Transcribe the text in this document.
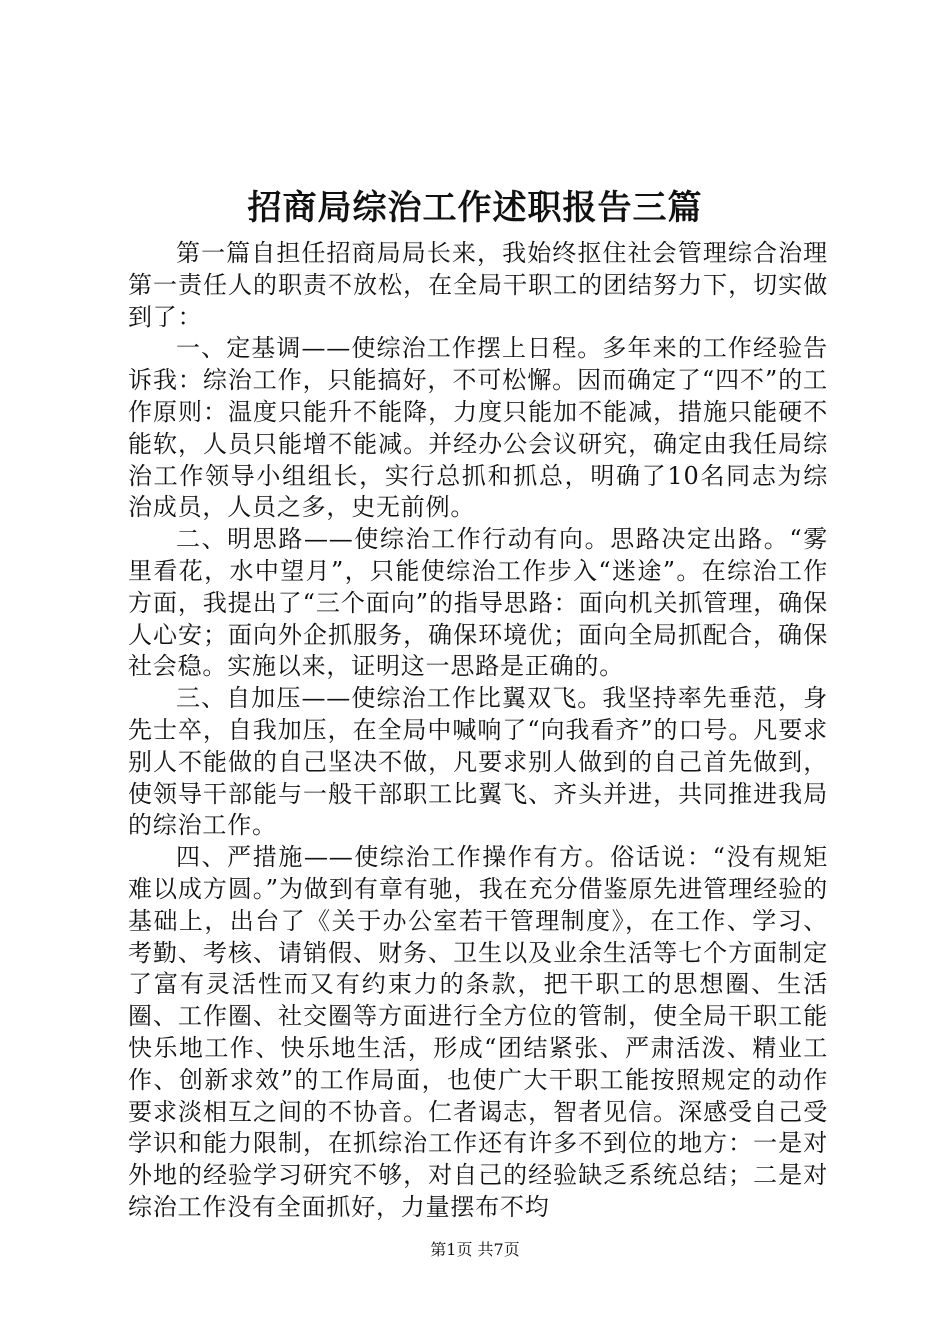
招商局综治工作述职报告三篇

第一篇自担任招商局局长来，我始终抠住社会管理综合治理第一责任人的职责不放松，在全局干职工的团结努力下，切实做到了：

一、定基调——使综治工作摆上日程。多年来的工作经验告诉我：综治工作，只能搞好，不可松懈。因而确定了“四不”的工作原则：温度只能升不能降，力度只能加不能减，措施只能硬不能软，人员只能增不能减。并经办公会议研究，确定由我任局综治工作领导小组组长，实行总抓和抓总，明确了10名同志为综治成员，人员之多，史无前例。

二、明思路——使综治工作行动有向。思路决定出路。“雾里看花，水中望月”，只能使综治工作步入“迷途”。在综治工作方面，我提出了“三个面向”的指导思路：面向机关抓管理，确保人心安；面向外企抓服务，确保环境优；面向全局抓配合，确保社会稳。实施以来，证明这一思路是正确的。

三、自加压——使综治工作比翼双飞。我坚持率先垂范，身先士卒，自我加压，在全局中喊响了“向我看齐”的口号。凡要求别人不能做的自己坚决不做，凡要求别人做到的自己首先做到，使领导干部能与一般干部职工比翼飞、齐头并进，共同推进我局的综治工作。

四、严措施——使综治工作操作有方。俗话说：“没有规矩难以成方圆。”为做到有章有驰，我在充分借鉴原先进管理经验的基础上，出台了《关于办公室若干管理制度》，在工作、学习、考勤、考核、请销假、财务、卫生以及业余生活等七个方面制定了富有灵活性而又有约束力的条款，把干职工的思想圈、生活圈、工作圈、社交圈等方面进行全方位的管制，使全局干职工能快乐地工作、快乐地生活，形成“团结紧张、严肃活泼、精业工作、创新求效”的工作局面，也使广大干职工能按照规定的动作要求淡相互之间的不协音。仁者谒志，智者见信。深感受自己受学识和能力限制，在抓综治工作还有许多不到位的地方：一是对外地的经验学习研究不够，对自己的经验缺乏系统总结；二是对综治工作没有全面抓好，力量摆布不均

第1页 共7页
